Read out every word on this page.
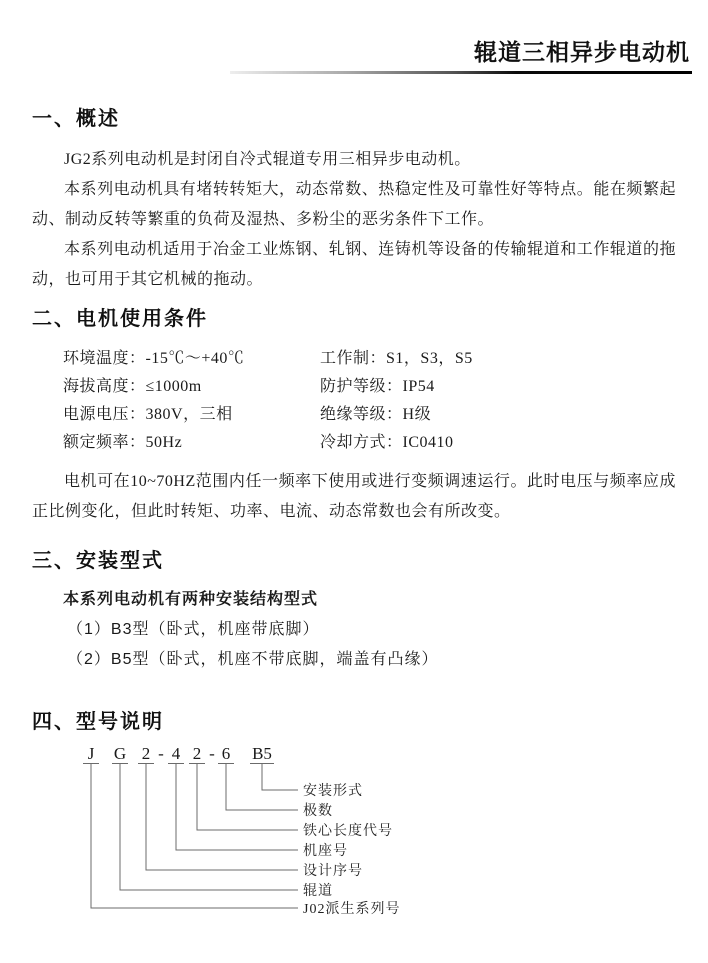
辊道三相异步电动机
一、概述

JG2系列电动机是封闭自冷式辊道专用三相异步电动机。

本系列电动机具有堵转转矩大，动态常数、热稳定性及可靠性好等特点。能在频繁起动、制动反转等繁重的负荷及湿热、多粉尘的恶劣条件下工作。

本系列电动机适用于冶金工业炼钢、轧钢、连铸机等设备的传输辊道和工作辊道的拖动，也可用于其它机械的拖动。

二、电机使用条件
环境温度：-15℃～+40℃	工作制：S1，S3，S5
海拔高度：≤1000m	防护等级：IP54
电源电压：380V，三相	绝缘等级：H级
额定频率：50Hz	冷却方式：IC0410

电机可在10~70HZ范围内任一频率下使用或进行变频调速运行。此时电压与频率应成正比例变化，但此时转矩、功率、电流、动态常数也会有所改变。

三、安装型式
本系列电动机有两种安装结构型式
（1）B3型（卧式，机座带底脚）
（2）B5型（卧式，机座不带底脚，端盖有凸缘）
四、型号说明
J G 2 - 4 2 - 6 B5
安装形式
极数
铁心长度代号
机座号
设计序号
辊道
J02派生系列号
